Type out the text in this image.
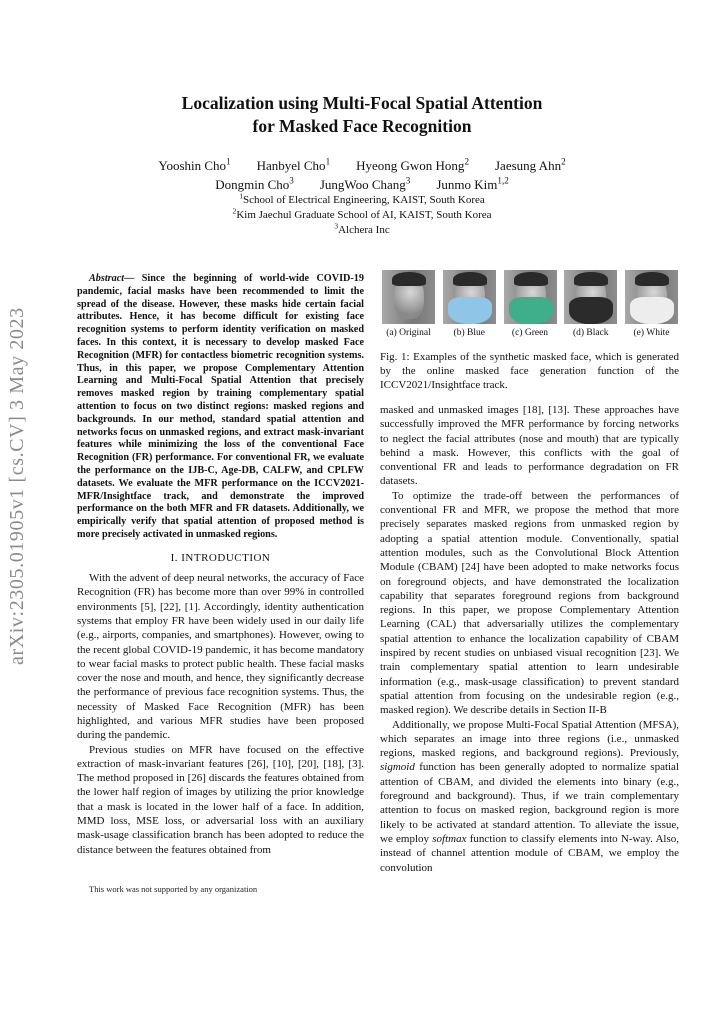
arXiv:2305.01905v1 [cs.CV] 3 May 2023
Localization using Multi-Focal Spatial Attention
for Masked Face Recognition
Yooshin Cho$^1$ Hanbyel Cho$^1$ Hyeong Gwon Hong$^2$ Jaesung Ahn$^2$
Dongmin Cho$^3$ JungWoo Chang$^3$ Junmo Kim$^{1,2}$
$^1$School of Electrical Engineering, KAIST, South Korea
$^2$Kim Jaechul Graduate School of AI, KAIST, South Korea
$^3$Alchera Inc

Abstract— Since the beginning of world-wide COVID-19 pandemic, facial masks have been recommended to limit the spread of the disease. However, these masks hide certain facial attributes. Hence, it has become difficult for existing face recognition systems to perform identity verification on masked faces. In this context, it is necessary to develop masked Face Recognition (MFR) for contactless biometric recognition systems. Thus, in this paper, we propose Complementary Attention Learning and Multi-Focal Spatial Attention that precisely removes masked region by training complementary spatial attention to focus on two distinct regions: masked regions and backgrounds. In our method, standard spatial attention and networks focus on unmasked regions, and extract mask-invariant features while minimizing the loss of the conventional Face Recognition (FR) performance. For conventional FR, we evaluate the performance on the IJB-C, Age-DB, CALFW, and CPLFW datasets. We evaluate the MFR performance on the ICCV2021-MFR/Insightface track, and demonstrate the improved performance on the both MFR and FR datasets. Additionally, we empirically verify that spatial attention of proposed method is more precisely activated in unmasked regions.

I. INTRODUCTION

With the advent of deep neural networks, the accuracy of Face Recognition (FR) has become more than over 99% in controlled environments [5], [22], [1]. Accordingly, identity authentication systems that employ FR have been widely used in our daily life (e.g., airports, companies, and smartphones). However, owing to the recent global COVID-19 pandemic, it has become mandatory to wear facial masks to protect public health. These facial masks cover the nose and mouth, and hence, they significantly decrease the performance of previous face recognition systems. Thus, the necessity of Masked Face Recognition (MFR) has been highlighted, and various MFR studies have been proposed during the pandemic.

Previous studies on MFR have focused on the effective extraction of mask-invariant features [26], [10], [20], [18], [3]. The method proposed in [26] discards the features obtained from the lower half region of images by utilizing the prior knowledge that a mask is located in the lower half of a face. In addition, MMD loss, MSE loss, or adversarial loss with an auxiliary mask-usage classification branch has been adopted to reduce the distance between the features obtained from

This work was not supported by any organization
(a) Original	(b) Blue	(c) Green	(d) Black	(e) White
Fig. 1: Examples of the synthetic masked face, which is generated by the online masked face generation function of the ICCV2021/Insightface track.

masked and unmasked images [18], [13]. These approaches have successfully improved the MFR performance by forcing networks to neglect the facial attributes (nose and mouth) that are typically behind a mask. However, this conflicts with the goal of conventional FR and leads to performance degradation on FR datasets.

To optimize the trade-off between the performances of conventional FR and MFR, we propose the method that more precisely separates masked regions from unmasked region by adopting a spatial attention module. Conventionally, spatial attention modules, such as the Convolutional Block Attention Module (CBAM) [24] have been adopted to make networks focus on foreground objects, and have demonstrated the localization capability that separates foreground regions from background regions. In this paper, we propose Complementary Attention Learning (CAL) that adversarially utilizes the complementary spatial attention to enhance the localization capability of CBAM inspired by recent studies on unbiased visual recognition [23]. We train complementary spatial attention to learn undesirable information (e.g., mask-usage classification) to prevent standard spatial attention from focusing on the undesirable region (e.g., masked region). We describe details in Section II-B

Additionally, we propose Multi-Focal Spatial Attention (MFSA), which separates an image into three regions (i.e., unmasked regions, masked regions, and background regions). Previously, sigmoid function has been generally adopted to normalize spatial attention of CBAM, and divided the elements into binary (e.g., foreground and background). Thus, if we train complementary attention to focus on masked region, background region is more likely to be activated at standard attention. To alleviate the issue, we employ softmax function to classify elements into N-way. Also, instead of channel attention module of CBAM, we employ the convolution
